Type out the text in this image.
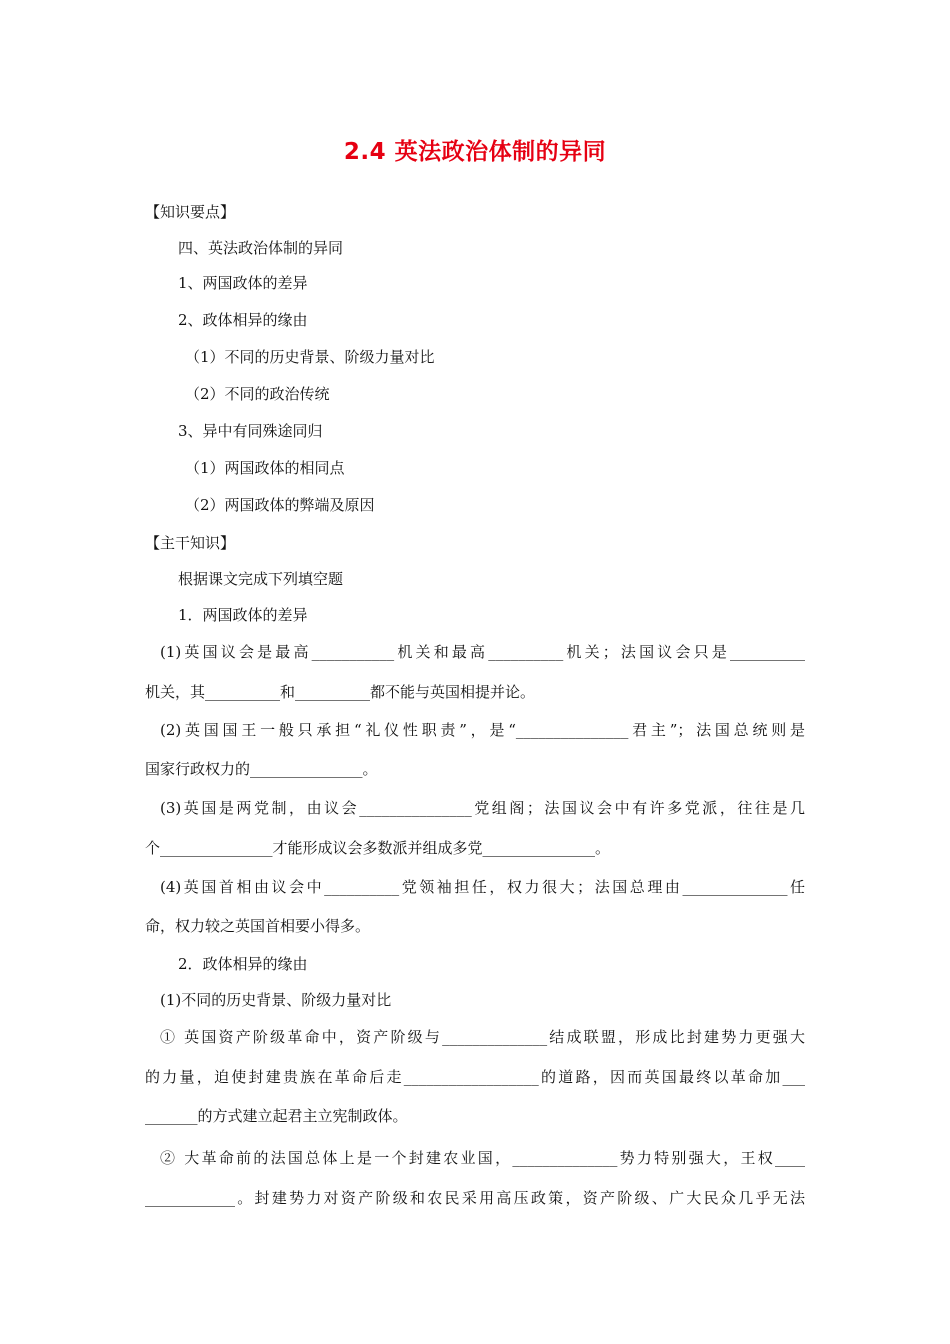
2.4 英法政治体制的异同
【知识要点】
四、英法政治体制的异同
1、两国政体的差异
2、政体相异的缘由
（1）不同的历史背景、阶级力量对比
（2）不同的政治传统
3、异中有同殊途同归
（1）两国政体的相同点
（2）两国政体的弊端及原因
【主干知识】
根据课文完成下列填空题
1．两国政体的差异
(1)英国议会是最高___________机关和最高__________机关；法国议会只是__________
机关，其__________和__________都不能与英国相提并论。
(2)英国国王一般只承担“礼仪性职责”，是“_______________君主”；法国总统则是
国家行政权力的_______________。
(3)英国是两党制，由议会_______________党组阁；法国议会中有许多党派，往往是几
个_______________才能形成议会多数派并组成多党_______________。
(4)英国首相由议会中__________党领袖担任，权力很大；法国总理由______________任
命，权力较之英国首相要小得多。
2．政体相异的缘由
(1)不同的历史背景、阶级力量对比
① 英国资产阶级革命中，资产阶级与______________结成联盟，形成比封建势力更强大
的力量，迫使封建贵族在革命后走__________________的道路，因而英国最终以革命加___
_______的方式建立起君主立宪制政体。
② 大革命前的法国总体上是一个封建农业国，______________势力特别强大，王权____
____________。封建势力对资产阶级和农民采用高压政策，资产阶级、广大民众几乎无法
